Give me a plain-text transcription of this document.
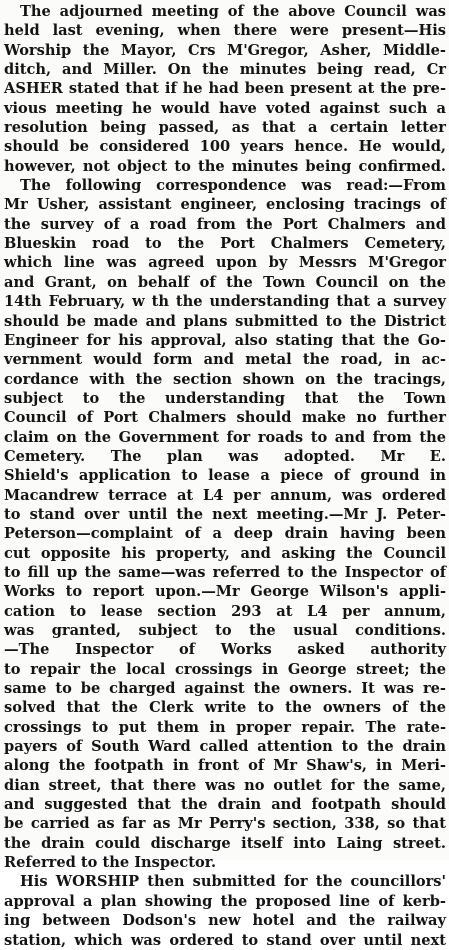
The adjourned meeting of the above Council was
held last evening, when there were present—His
Worship the Mayor, Crs M'Gregor, Asher, Middle-
ditch, and Miller. On the minutes being read, Cr
ASHER stated that if he had been present at the pre-
vious meeting he would have voted against such a
resolution being passed, as that a certain letter
should be considered 100 years hence. He would,
however, not object to the minutes being confirmed.
The following correspondence was read:—From
Mr Usher, assistant engineer, enclosing tracings of
the survey of a road from the Port Chalmers and
Blueskin road to the Port Chalmers Cemetery,
which line was agreed upon by Messrs M'Gregor
and Grant, on behalf of the Town Council on the
14th February, w th the understanding that a survey
should be made and plans submitted to the District
Engineer for his approval, also stating that the Go-
vernment would form and metal the road, in ac-
cordance with the section shown on the tracings,
subject to the understanding that the Town
Council of Port Chalmers should make no further
claim on the Government for roads to and from the
Cemetery. The plan was adopted. Mr E.
Shield's application to lease a piece of ground in
Macandrew terrace at L4 per annum, was ordered
to stand over until the next meeting.—Mr J. Peter-
Peterson—complaint of a deep drain having been
cut opposite his property, and asking the Council
to fill up the same—was referred to the Inspector of
Works to report upon.—Mr George Wilson's appli-
cation to lease section 293 at L4 per annum,
was granted, subject to the usual conditions.
—The Inspector of Works asked authority
to repair the local crossings in George street; the
same to be charged against the owners. It was re-
solved that the Clerk write to the owners of the
crossings to put them in proper repair. The rate-
payers of South Ward called attention to the drain
along the footpath in front of Mr Shaw's, in Meri-
dian street, that there was no outlet for the same,
and suggested that the drain and footpath should
be carried as far as Mr Perry's section, 338, so that
the drain could discharge itself into Laing street.
Referred to the Inspector.
His WORSHIP then submitted for the councillors'
approval a plan showing the proposed line of kerb-
ing between Dodson's new hotel and the railway
station, which was ordered to stand over until next
